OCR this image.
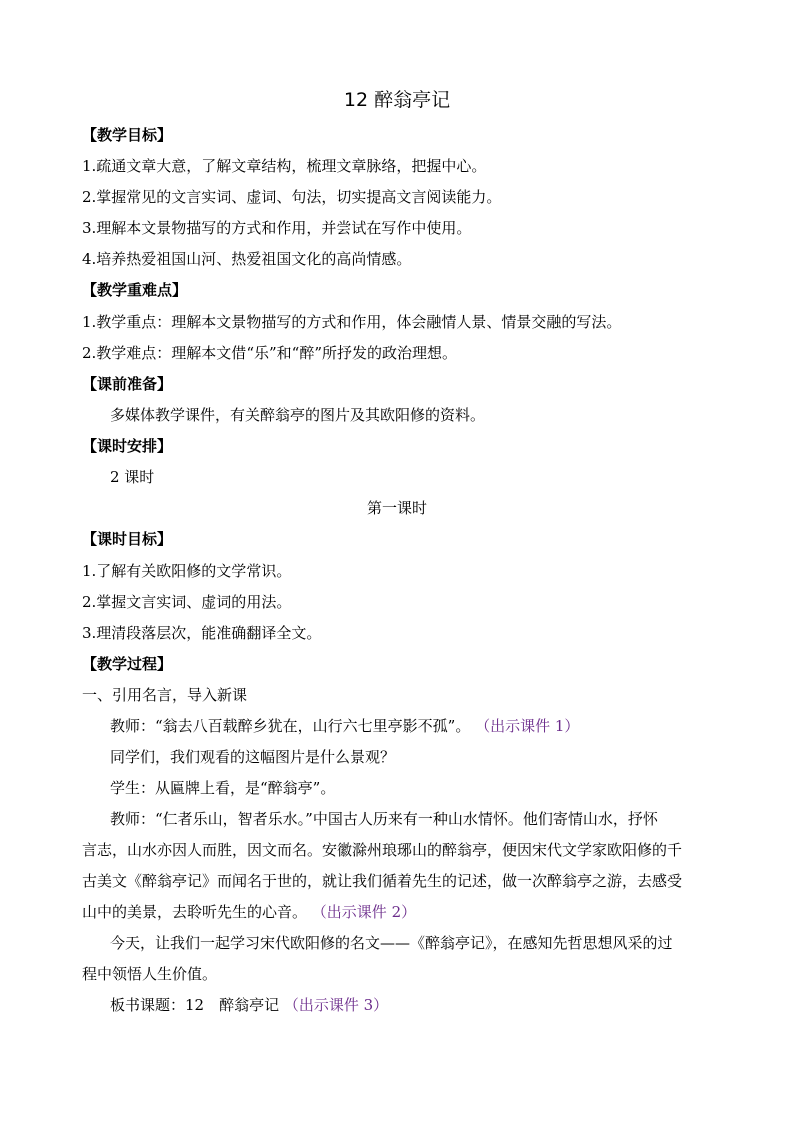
12 醉翁亭记
【教学目标】
1.疏通文章大意，了解文章结构，梳理文章脉络，把握中心。
2.掌握常见的文言实词、虚词、句法，切实提高文言阅读能力。
3.理解本文景物描写的方式和作用，并尝试在写作中使用。
4.培养热爱祖国山河、热爱祖国文化的高尚情感。
【教学重难点】
1.教学重点：理解本文景物描写的方式和作用，体会融情人景、情景交融的写法。
2.教学难点：理解本文借“乐”和“醉”所抒发的政治理想。
【课前准备】
多媒体教学课件，有关醉翁亭的图片及其欧阳修的资料。
【课时安排】
2 课时
第一课时
【课时目标】
1.了解有关欧阳修的文学常识。
2.掌握文言实词、虚词的用法。
3.理清段落层次，能准确翻译全文。
【教学过程】
一、引用名言，导入新课
教师：“翁去八百载醉乡犹在，山行六七里亭影不孤”。 （出示课件 1）
同学们，我们观看的这幅图片是什么景观？
学生：从匾牌上看，是“醉翁亭”。
教师：“仁者乐山，智者乐水。”中国古人历来有一种山水情怀。他们寄情山水，抒怀
言志，山水亦因人而胜，因文而名。安徽滁州琅琊山的醉翁亭，便因宋代文学家欧阳修的千
古美文《醉翁亭记》而闻名于世的，就让我们循着先生的记述，做一次醉翁亭之游，去感受
山中的美景，去聆听先生的心音。 （出示课件 2）
今天，让我们一起学习宋代欧阳修的名文——《醉翁亭记》，在感知先哲思想风采的过
程中领悟人生价值。
板书课题：12　醉翁亭记 （出示课件 3）
